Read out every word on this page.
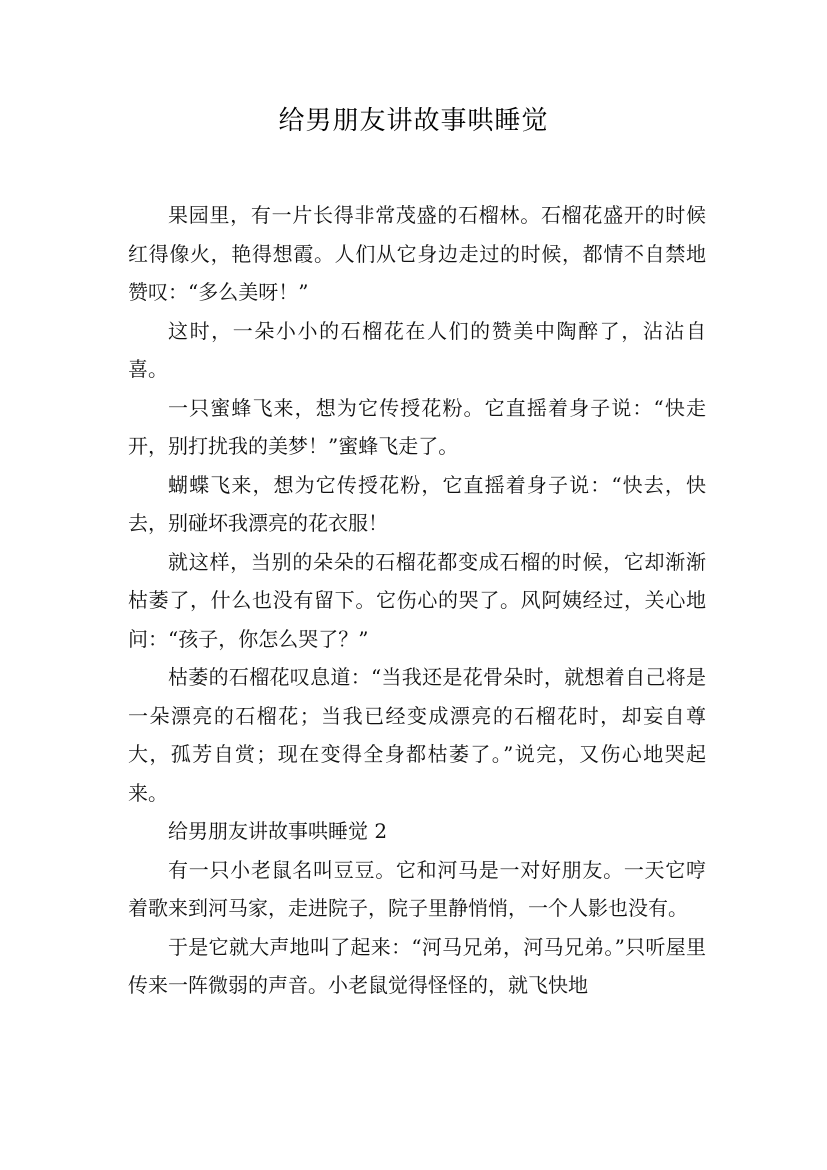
给男朋友讲故事哄睡觉

果园里，有一片长得非常茂盛的石榴林。石榴花盛开的时候红得像火，艳得想霞。人们从它身边走过的时候，都情不自禁地赞叹：“多么美呀！”

这时，一朵小小的石榴花在人们的赞美中陶醉了，沾沾自喜。

一只蜜蜂飞来，想为它传授花粉。它直摇着身子说：“快走开，别打扰我的美梦！”蜜蜂飞走了。

蝴蝶飞来，想为它传授花粉，它直摇着身子说：“快去，快去，别碰坏我漂亮的花衣服！

就这样，当别的朵朵的石榴花都变成石榴的时候，它却渐渐枯萎了，什么也没有留下。它伤心的哭了。风阿姨经过，关心地问：“孩子，你怎么哭了？”

枯萎的石榴花叹息道：“当我还是花骨朵时，就想着自己将是一朵漂亮的石榴花；当我已经变成漂亮的石榴花时，却妄自尊大，孤芳自赏；现在变得全身都枯萎了。”说完，又伤心地哭起来。

给男朋友讲故事哄睡觉 2

有一只小老鼠名叫豆豆。它和河马是一对好朋友。一天它哼着歌来到河马家，走进院子，院子里静悄悄，一个人影也没有。

于是它就大声地叫了起来：“河马兄弟，河马兄弟。”只听屋里传来一阵微弱的声音。小老鼠觉得怪怪的，就飞快地
